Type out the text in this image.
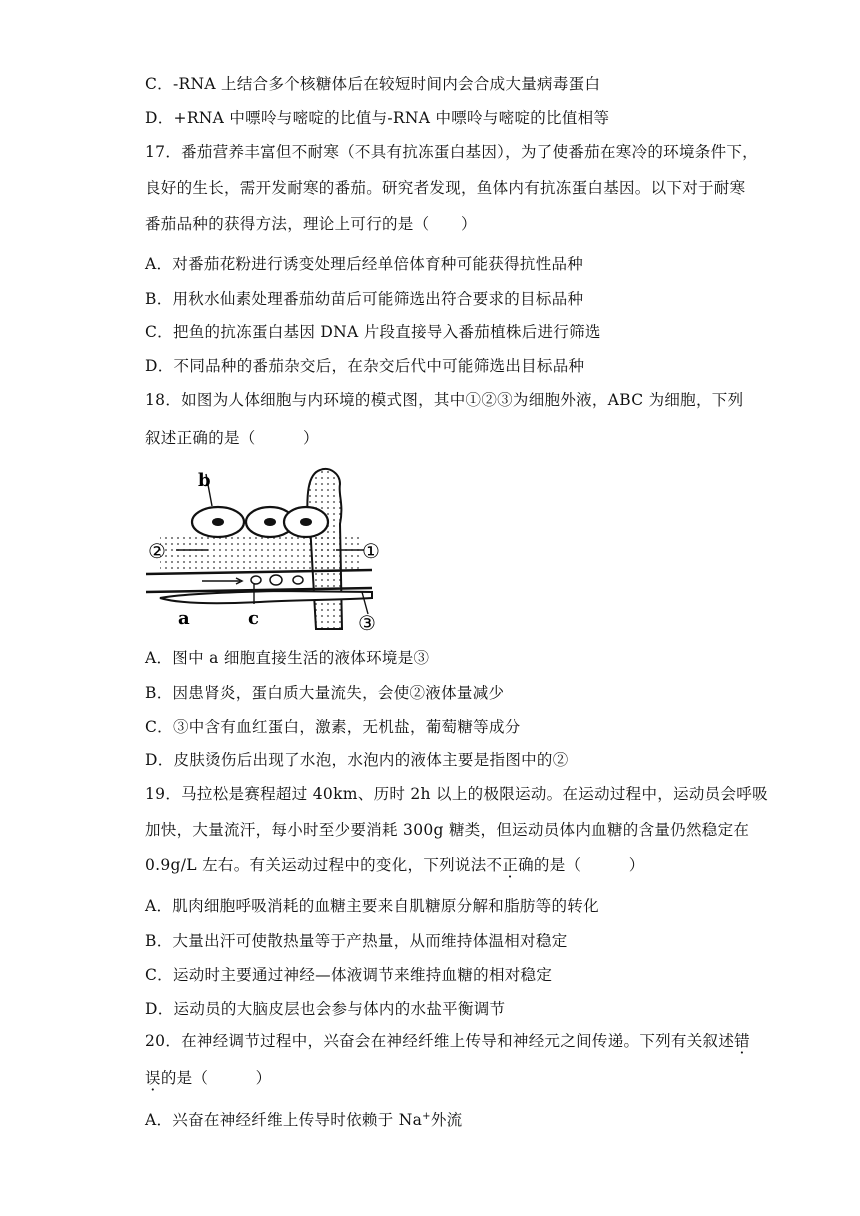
C．-RNA 上结合多个核糖体后在较短时间内会合成大量病毒蛋白
D．+RNA 中嘌呤与嘧啶的比值与-RNA 中嘌呤与嘧啶的比值相等
17．番茄营养丰富但不耐寒（不具有抗冻蛋白基因），为了使番茄在寒冷的环境条件下，
良好的生长，需开发耐寒的番茄。研究者发现，鱼体内有抗冻蛋白基因。以下对于耐寒
番茄品种的获得方法，理论上可行的是（　　）
A．对番茄花粉进行诱变处理后经单倍体育种可能获得抗性品种
B．用秋水仙素处理番茄幼苗后可能筛选出符合要求的目标品种
C．把鱼的抗冻蛋白基因 DNA 片段直接导入番茄植株后进行筛选
D．不同品种的番茄杂交后，在杂交后代中可能筛选出目标品种
18．如图为人体细胞与内环境的模式图，其中①②③为细胞外液，ABC 为细胞，下列
叙述正确的是（　　　）
b
②	①
③
a	c
A．图中 a 细胞直接生活的液体环境是③
B．因患肾炎，蛋白质大量流失，会使②液体量减少
C．③中含有血红蛋白，激素，无机盐，葡萄糖等成分
D．皮肤烫伤后出现了水泡，水泡内的液体主要是指图中的②
19．马拉松是赛程超过 40km、历时 2h 以上的极限运动。在运动过程中，运动员会呼吸
加快，大量流汗，每小时至少要消耗 300g 糖类，但运动员体内血糖的含量仍然稳定在
0.9g/L 左右。有关运动过程中的变化，下列说法不正确的是（　　　）
A．肌肉细胞呼吸消耗的血糖主要来自肌糖原分解和脂肪等的转化
B．大量出汗可使散热量等于产热量，从而维持体温相对稳定
C．运动时主要通过神经—体液调节来维持血糖的相对稳定
D．运动员的大脑皮层也会参与体内的水盐平衡调节
20．在神经调节过程中，兴奋会在神经纤维上传导和神经元之间传递。下列有关叙述错
误的是（　　　）
A．兴奋在神经纤维上传导时依赖于 Na+外流
